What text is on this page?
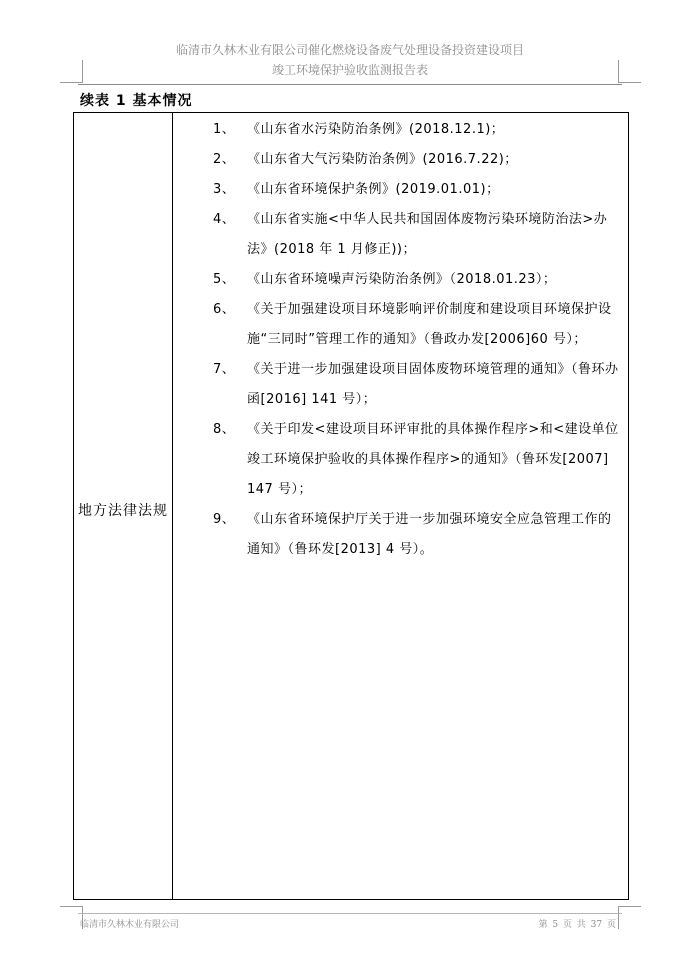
临清市久林木业有限公司催化燃烧设备废气处理设备投资建设项目
竣工环境保护验收监测报告表
续表 1 基本情况
地方法律法规
1、 《山东省水污染防治条例》(2018.12.1)；
2、 《山东省大气污染防治条例》(2016.7.22)；
3、 《山东省环境保护条例》(2019.01.01)；
4、 《山东省实施<中华人民共和国固体废物污染环境防治法>办法》(2018 年 1 月修正))；
5、 《山东省环境噪声污染防治条例》（2018.01.23）；
6、 《关于加强建设项目环境影响评价制度和建设项目环境保护设施“三同时”管理工作的通知》（鲁政办发[2006]60 号）；
7、 《关于进一步加强建设项目固体废物环境管理的通知》（鲁环办函[2016] 141 号）；
8、 《关于印发<建设项目环评审批的具体操作程序>和<建设单位竣工环境保护验收的具体操作程序>的通知》（鲁环发[2007] 147 号）；
9、 《山东省环境保护厅关于进一步加强环境安全应急管理工作的通知》（鲁环发[2013] 4 号）。
临清市久林木业有限公司	第 5 页 共 37 页
